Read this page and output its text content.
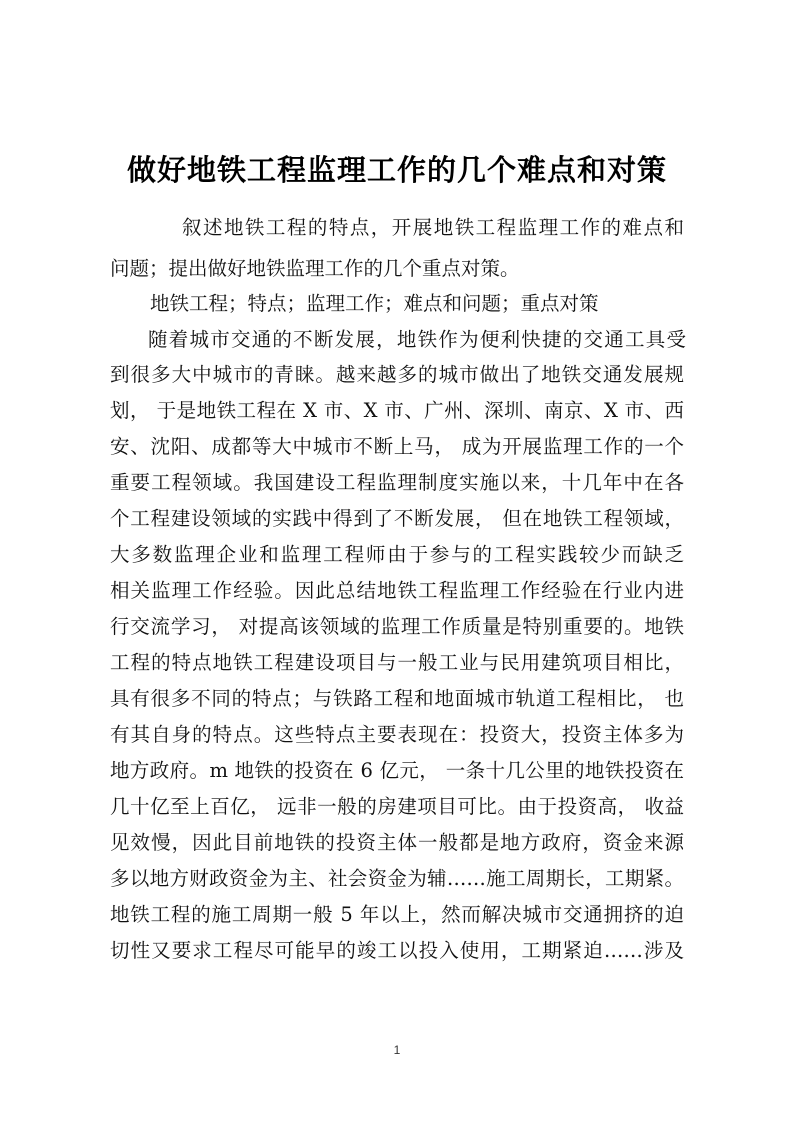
做好地铁工程监理工作的几个难点和对策
叙述地铁工程的特点，开展地铁工程监理工作的难点和
问题；提出做好地铁监理工作的几个重点对策。
地铁工程；特点；监理工作；难点和问题；重点对策
随着城市交通的不断发展，地铁作为便利快捷的交通工具受
到很多大中城市的青睐。越来越多的城市做出了地铁交通发展规
划， 于是地铁工程在 X 市、X 市、广州、深圳、南京、X 市、西
安、沈阳、成都等大中城市不断上马， 成为开展监理工作的一个
重要工程领域。我国建设工程监理制度实施以来，十几年中在各
个工程建设领域的实践中得到了不断发展， 但在地铁工程领域，
大多数监理企业和监理工程师由于参与的工程实践较少而缺乏
相关监理工作经验。因此总结地铁工程监理工作经验在行业内进
行交流学习， 对提高该领域的监理工作质量是特别重要的。地铁
工程的特点地铁工程建设项目与一般工业与民用建筑项目相比，
具有很多不同的特点；与铁路工程和地面城市轨道工程相比， 也
有其自身的特点。这些特点主要表现在：投资大，投资主体多为
地方政府。m 地铁的投资在 6 亿元， 一条十几公里的地铁投资在
几十亿至上百亿， 远非一般的房建项目可比。由于投资高， 收益
见效慢，因此目前地铁的投资主体一般都是地方政府，资金来源
多以地方财政资金为主、社会资金为辅……施工周期长，工期紧。
地铁工程的施工周期一般 5 年以上，然而解决城市交通拥挤的迫
切性又要求工程尽可能早的竣工以投入使用，工期紧迫……涉及
1
